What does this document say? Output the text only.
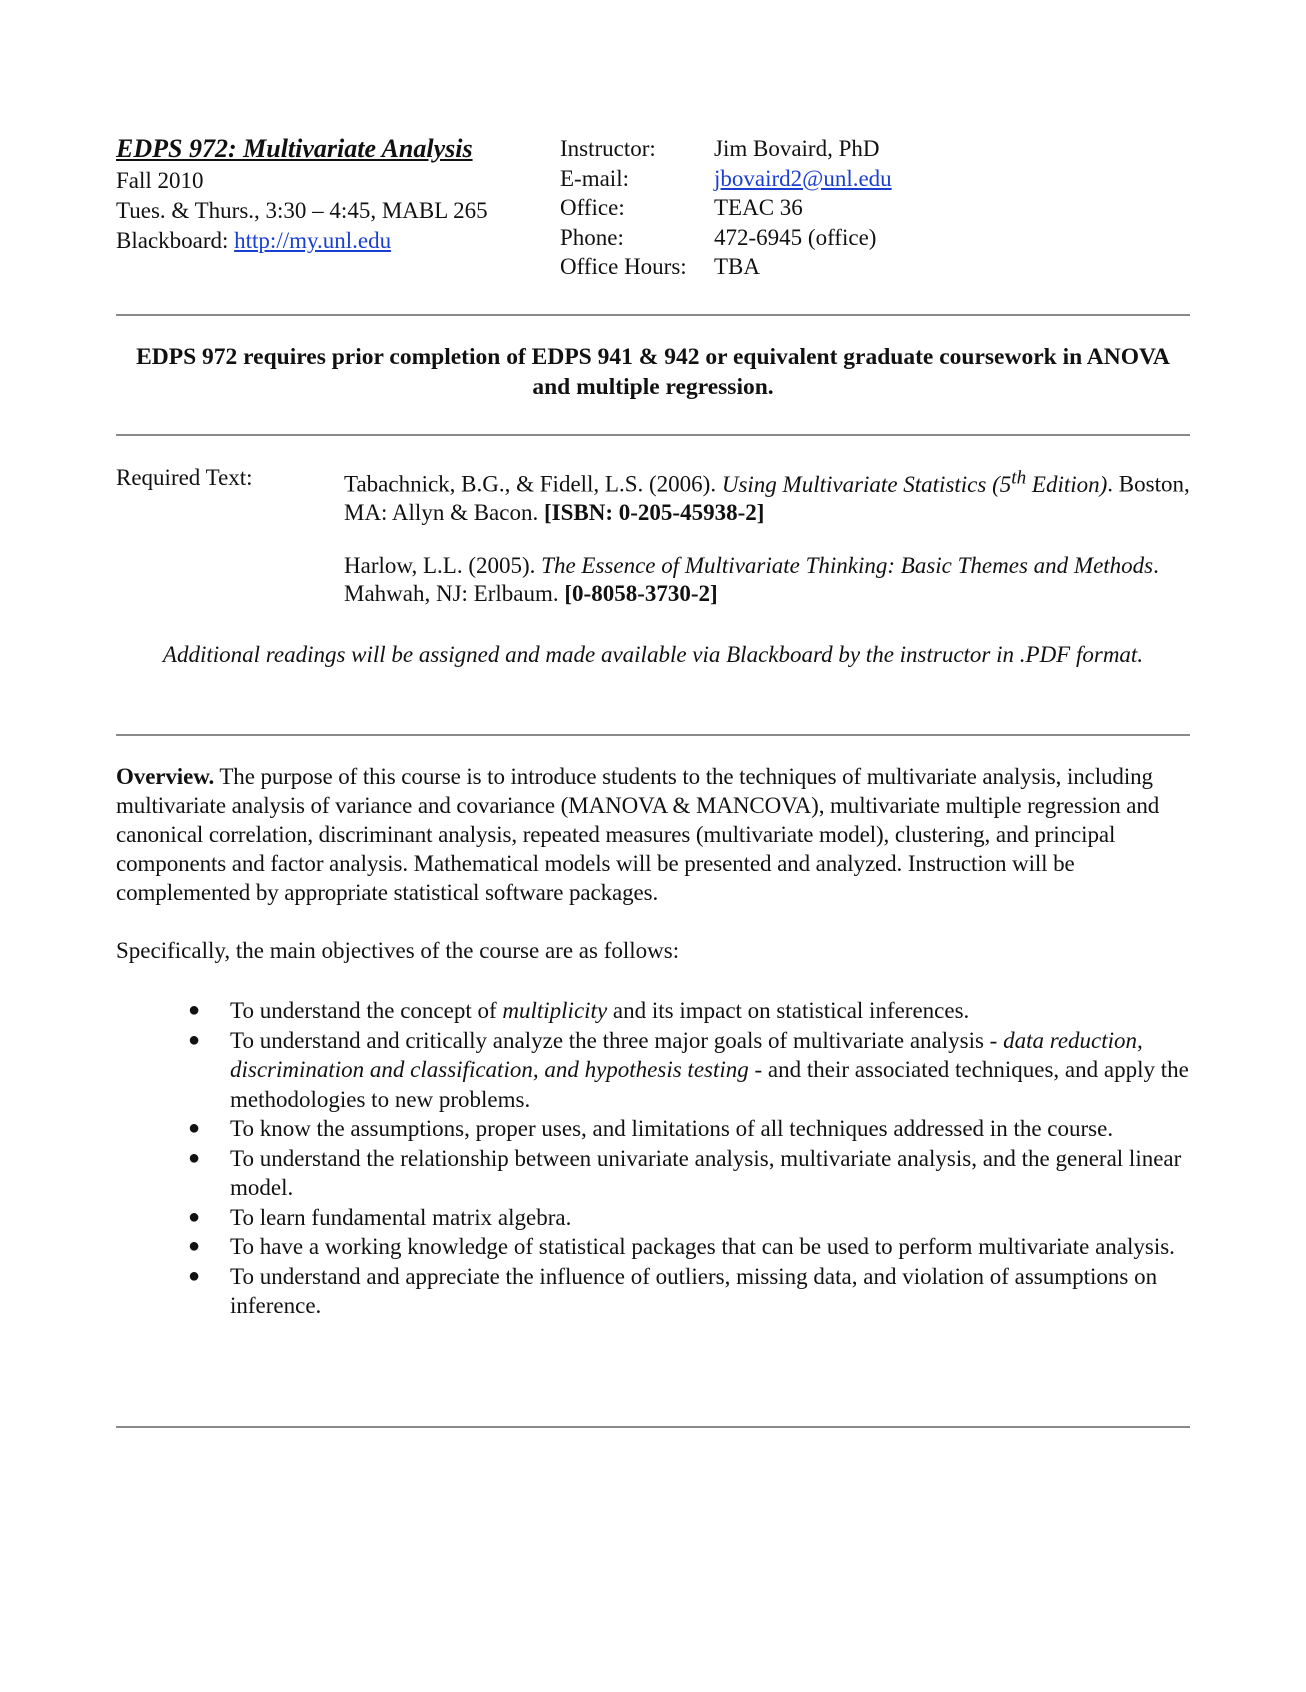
EDPS 972: Multivariate Analysis
Fall 2010
Tues. & Thurs., 3:30 – 4:45, MABL 265
Blackboard: http://my.unl.edu
Instructor:	Jim Bovaird, PhD
E-mail:	jbovaird2@unl.edu
Office:	TEAC 36
Phone:	472-6945 (office)
Office Hours:	TBA
EDPS 972 requires prior completion of EDPS 941 & 942 or equivalent graduate coursework in ANOVA and multiple regression.
Required Text:	Tabachnick, B.G., & Fidell, L.S. (2006). Using Multivariate Statistics (5th Edition). Boston, MA: Allyn & Bacon. [ISBN: 0-205-45938-2]
Harlow, L.L. (2005). The Essence of Multivariate Thinking: Basic Themes and Methods. Mahwah, NJ: Erlbaum. [0-8058-3730-2]
Additional readings will be assigned and made available via Blackboard by the instructor in .PDF format.
Overview. The purpose of this course is to introduce students to the techniques of multivariate analysis, including multivariate analysis of variance and covariance (MANOVA & MANCOVA), multivariate multiple regression and canonical correlation, discriminant analysis, repeated measures (multivariate model), clustering, and principal components and factor analysis. Mathematical models will be presented and analyzed. Instruction will be complemented by appropriate statistical software packages.
Specifically, the main objectives of the course are as follows:
● To understand the concept of multiplicity and its impact on statistical inferences.
● To understand and critically analyze the three major goals of multivariate analysis - data reduction, discrimination and classification, and hypothesis testing - and their associated techniques, and apply the methodologies to new problems.
● To know the assumptions, proper uses, and limitations of all techniques addressed in the course.
● To understand the relationship between univariate analysis, multivariate analysis, and the general linear model.
● To learn fundamental matrix algebra.
● To have a working knowledge of statistical packages that can be used to perform multivariate analysis.
● To understand and appreciate the influence of outliers, missing data, and violation of assumptions on inference.
